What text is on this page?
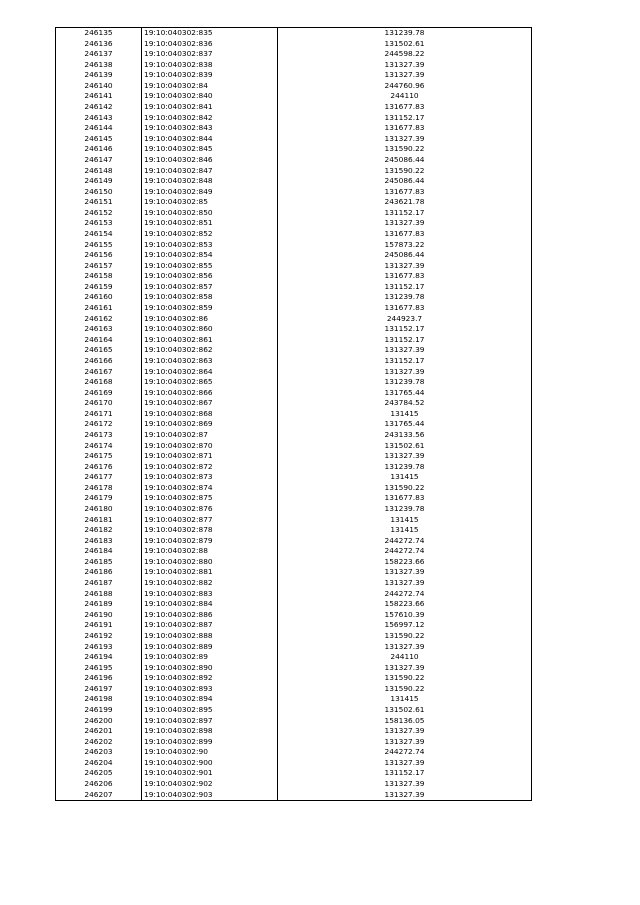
246135	19:10:040302:835	131239.78
246136	19:10:040302:836	131502.61
246137	19:10:040302:837	244598.22
246138	19:10:040302:838	131327.39
246139	19:10:040302:839	131327.39
246140	19:10:040302:84	244760.96
246141	19:10:040302:840	244110
246142	19:10:040302:841	131677.83
246143	19:10:040302:842	131152.17
246144	19:10:040302:843	131677.83
246145	19:10:040302:844	131327.39
246146	19:10:040302:845	131590.22
246147	19:10:040302:846	245086.44
246148	19:10:040302:847	131590.22
246149	19:10:040302:848	245086.44
246150	19:10:040302:849	131677.83
246151	19:10:040302:85	243621.78
246152	19:10:040302:850	131152.17
246153	19:10:040302:851	131327.39
246154	19:10:040302:852	131677.83
246155	19:10:040302:853	157873.22
246156	19:10:040302:854	245086.44
246157	19:10:040302:855	131327.39
246158	19:10:040302:856	131677.83
246159	19:10:040302:857	131152.17
246160	19:10:040302:858	131239.78
246161	19:10:040302:859	131677.83
246162	19:10:040302:86	244923.7
246163	19:10:040302:860	131152.17
246164	19:10:040302:861	131152.17
246165	19:10:040302:862	131327.39
246166	19:10:040302:863	131152.17
246167	19:10:040302:864	131327.39
246168	19:10:040302:865	131239.78
246169	19:10:040302:866	131765.44
246170	19:10:040302:867	243784.52
246171	19:10:040302:868	131415
246172	19:10:040302:869	131765.44
246173	19:10:040302:87	243133.56
246174	19:10:040302:870	131502.61
246175	19:10:040302:871	131327.39
246176	19:10:040302:872	131239.78
246177	19:10:040302:873	131415
246178	19:10:040302:874	131590.22
246179	19:10:040302:875	131677.83
246180	19:10:040302:876	131239.78
246181	19:10:040302:877	131415
246182	19:10:040302:878	131415
246183	19:10:040302:879	244272.74
246184	19:10:040302:88	244272.74
246185	19:10:040302:880	158223.66
246186	19:10:040302:881	131327.39
246187	19:10:040302:882	131327.39
246188	19:10:040302:883	244272.74
246189	19:10:040302:884	158223.66
246190	19:10:040302:886	157610.39
246191	19:10:040302:887	156997.12
246192	19:10:040302:888	131590.22
246193	19:10:040302:889	131327.39
246194	19:10:040302:89	244110
246195	19:10:040302:890	131327.39
246196	19:10:040302:892	131590.22
246197	19:10:040302:893	131590.22
246198	19:10:040302:894	131415
246199	19:10:040302:895	131502.61
246200	19:10:040302:897	158136.05
246201	19:10:040302:898	131327.39
246202	19:10:040302:899	131327.39
246203	19:10:040302:90	244272.74
246204	19:10:040302:900	131327.39
246205	19:10:040302:901	131152.17
246206	19:10:040302:902	131327.39
246207	19:10:040302:903	131327.39
